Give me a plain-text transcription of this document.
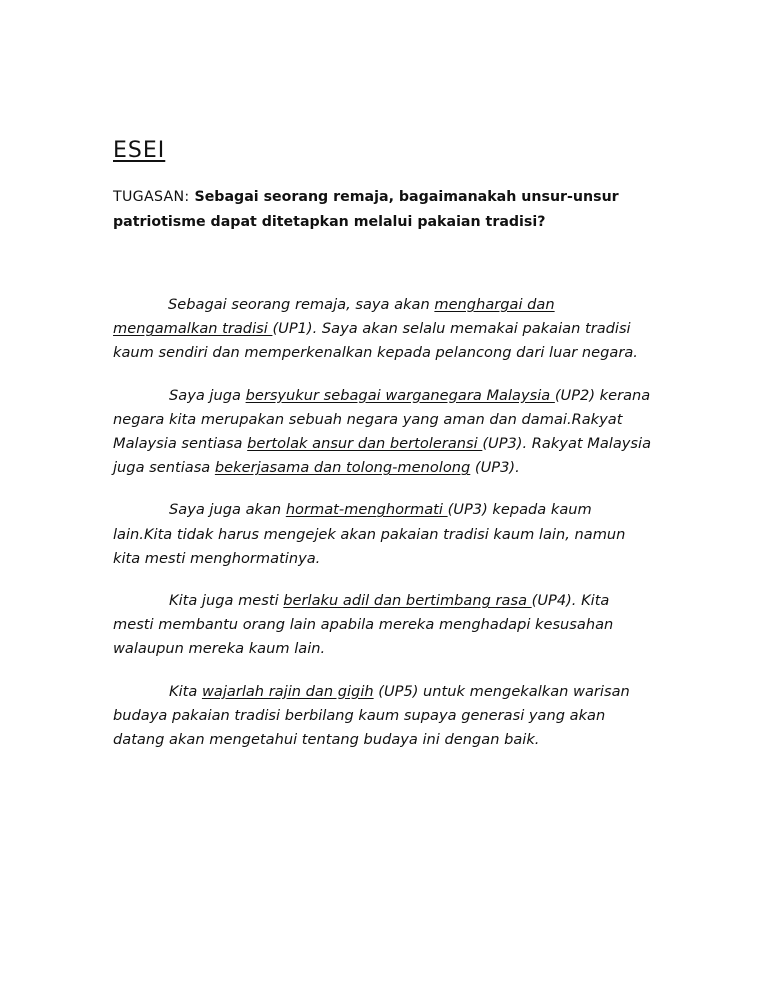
ESEI

TUGASAN: Sebagai seorang remaja, bagaimanakah unsur-unsur patriotisme dapat ditetapkan melalui pakaian tradisi?

Sebagai seorang remaja, saya akan menghargai dan mengamalkan tradisi (UP1). Saya akan selalu memakai pakaian tradisi kaum sendiri dan memperkenalkan kepada pelancong dari luar negara.

Saya juga bersyukur sebagai warganegara Malaysia (UP2) kerana negara kita merupakan sebuah negara yang aman dan damai.Rakyat Malaysia sentiasa bertolak ansur dan bertoleransi (UP3). Rakyat Malaysia juga sentiasa bekerjasama dan tolong-menolong (UP3).

Saya juga akan hormat-menghormati (UP3) kepada kaum lain.Kita tidak harus mengejek akan pakaian tradisi kaum lain, namun kita mesti menghormatinya.

Kita juga mesti berlaku adil dan bertimbang rasa (UP4). Kita mesti membantu orang lain apabila mereka menghadapi kesusahan walaupun mereka kaum lain.

Kita wajarlah rajin dan gigih (UP5) untuk mengekalkan warisan budaya pakaian tradisi berbilang kaum supaya generasi yang akan datang akan mengetahui tentang budaya ini dengan baik.
